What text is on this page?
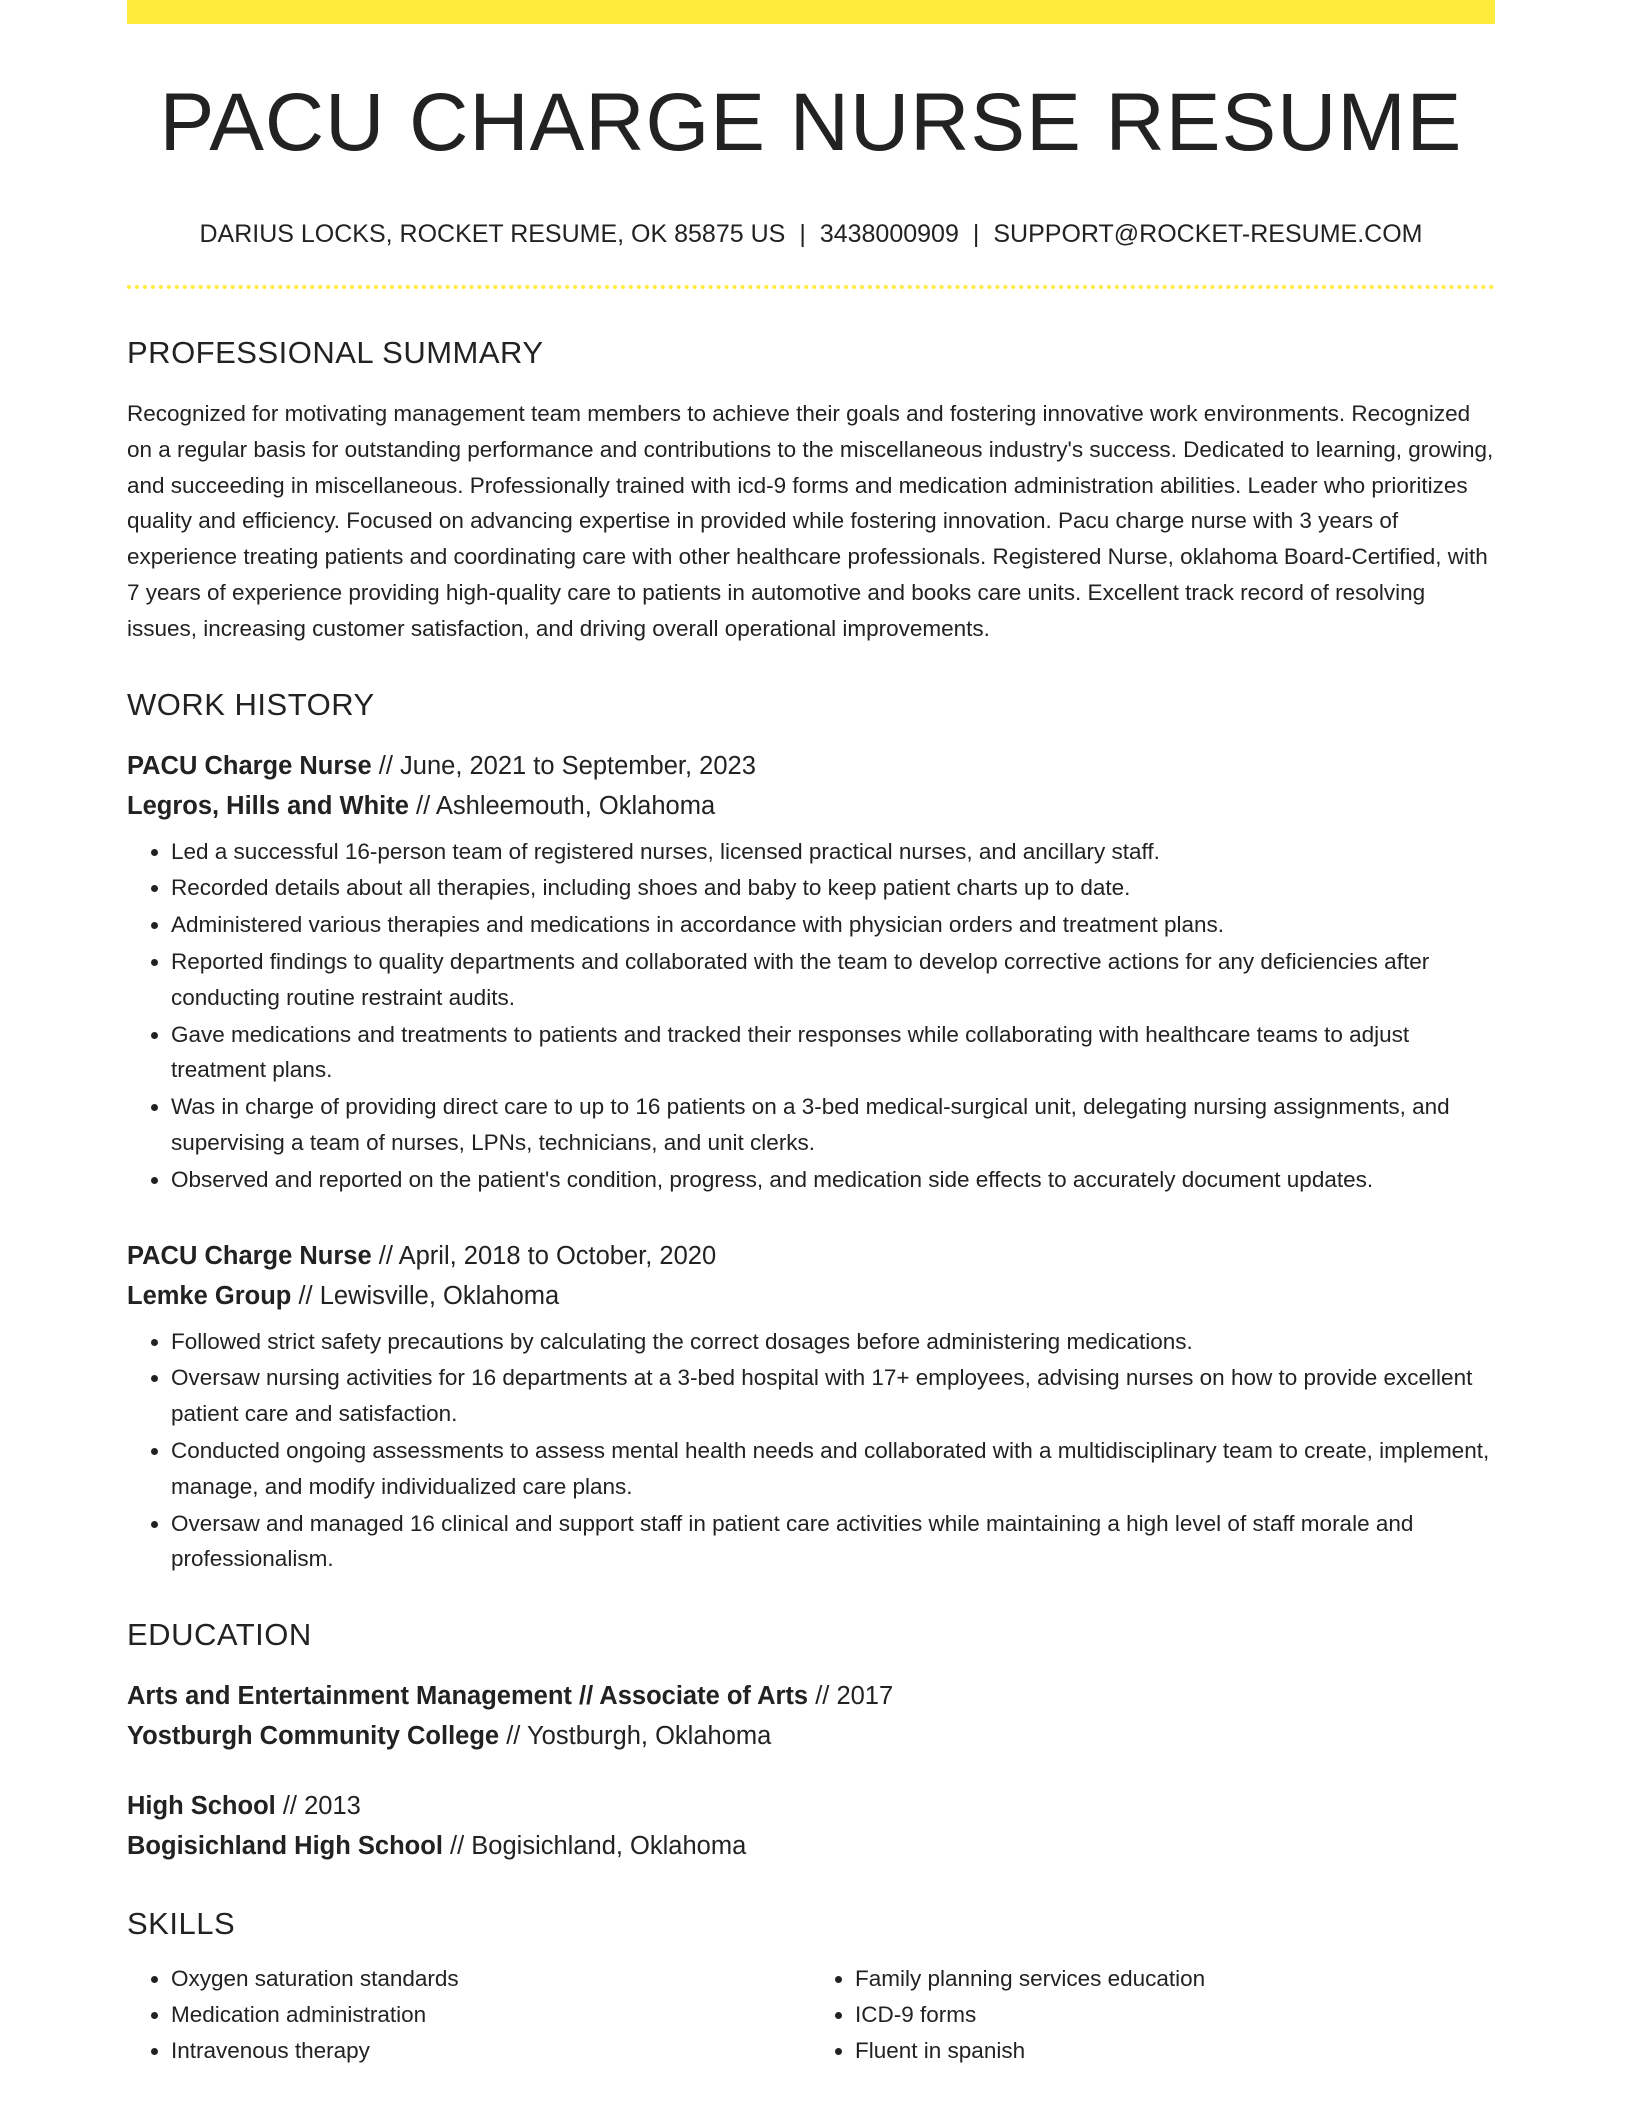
PACU CHARGE NURSE RESUME
DARIUS LOCKS, ROCKET RESUME, OK 85875 US | 3438000909 | SUPPORT@ROCKET-RESUME.COM
PROFESSIONAL SUMMARY
Recognized for motivating management team members to achieve their goals and fostering innovative work environments. Recognized on a regular basis for outstanding performance and contributions to the miscellaneous industry's success. Dedicated to learning, growing, and succeeding in miscellaneous. Professionally trained with icd-9 forms and medication administration abilities. Leader who prioritizes quality and efficiency. Focused on advancing expertise in provided while fostering innovation. Pacu charge nurse with 3 years of experience treating patients and coordinating care with other healthcare professionals. Registered Nurse, oklahoma Board-Certified, with 7 years of experience providing high-quality care to patients in automotive and books care units. Excellent track record of resolving issues, increasing customer satisfaction, and driving overall operational improvements.
WORK HISTORY
PACU Charge Nurse // June, 2021 to September, 2023
Legros, Hills and White // Ashleemouth, Oklahoma
• Led a successful 16-person team of registered nurses, licensed practical nurses, and ancillary staff.
• Recorded details about all therapies, including shoes and baby to keep patient charts up to date.
• Administered various therapies and medications in accordance with physician orders and treatment plans.
• Reported findings to quality departments and collaborated with the team to develop corrective actions for any deficiencies after conducting routine restraint audits.
• Gave medications and treatments to patients and tracked their responses while collaborating with healthcare teams to adjust treatment plans.
• Was in charge of providing direct care to up to 16 patients on a 3-bed medical-surgical unit, delegating nursing assignments, and supervising a team of nurses, LPNs, technicians, and unit clerks.
• Observed and reported on the patient's condition, progress, and medication side effects to accurately document updates.
PACU Charge Nurse // April, 2018 to October, 2020
Lemke Group // Lewisville, Oklahoma
• Followed strict safety precautions by calculating the correct dosages before administering medications.
• Oversaw nursing activities for 16 departments at a 3-bed hospital with 17+ employees, advising nurses on how to provide excellent patient care and satisfaction.
• Conducted ongoing assessments to assess mental health needs and collaborated with a multidisciplinary team to create, implement, manage, and modify individualized care plans.
• Oversaw and managed 16 clinical and support staff in patient care activities while maintaining a high level of staff morale and professionalism.
EDUCATION
Arts and Entertainment Management // Associate of Arts // 2017
Yostburgh Community College // Yostburgh, Oklahoma
High School // 2013
Bogisichland High School // Bogisichland, Oklahoma
SKILLS
• Oxygen saturation standards
• Medication administration
• Intravenous therapy
• Family planning services education
• ICD-9 forms
• Fluent in spanish
